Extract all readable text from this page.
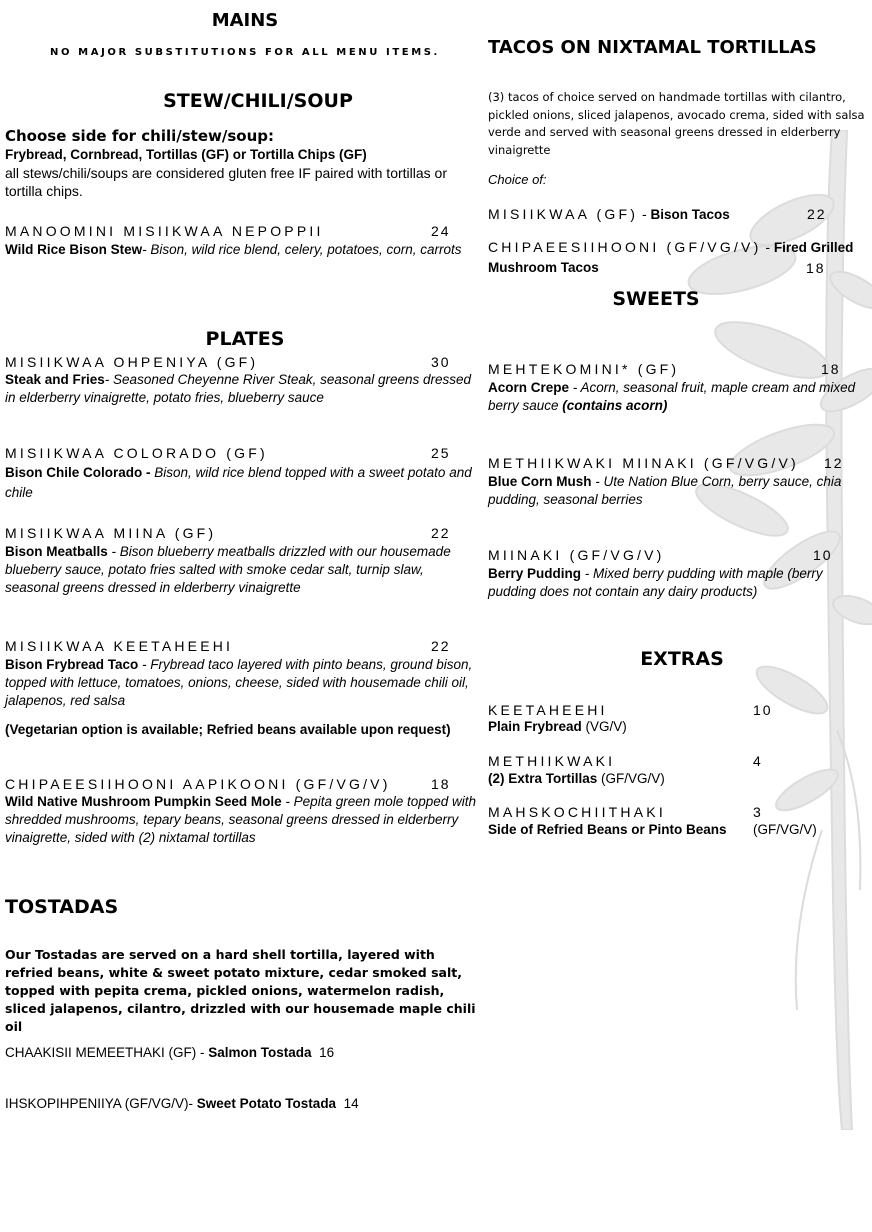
MAINS
NO MAJOR SUBSTITUTIONS FOR ALL MENU ITEMS.
STEW/CHILI/SOUP
Choose side for chili/stew/soup:
Frybread, Cornbread, Tortillas (GF) or Tortilla Chips (GF)
all stews/chili/soups are considered gluten free IF paired with tortillas or tortilla chips.
MANOOMINI MISIIKWAA NEPOPPII	24
Wild Rice Bison Stew- Bison, wild rice blend, celery, potatoes, corn, carrots
PLATES
MISIIKWAA OHPENIYA (GF)	30
Steak and Fries- Seasoned Cheyenne River Steak, seasonal greens dressed in elderberry vinaigrette, potato fries, blueberry sauce
MISIIKWAA COLORADO (GF)	25
Bison Chile Colorado - Bison, wild rice blend topped with a sweet potato and chile
MISIIKWAA MIINA (GF)	22
Bison Meatballs - Bison blueberry meatballs drizzled with our housemade blueberry sauce, potato fries salted with smoke cedar salt, turnip slaw, seasonal greens dressed in elderberry vinaigrette
MISIIKWAA KEETAHEEHI	22
Bison Frybread Taco - Frybread taco layered with pinto beans, ground bison, topped with lettuce, tomatoes, onions, cheese, sided with housemade chili oil, jalapenos, red salsa
(Vegetarian option is available; Refried beans available upon request)
CHIPAEESIIHOONI AAPIKOONI (GF/VG/V)	18
Wild Native Mushroom Pumpkin Seed Mole - Pepita green mole topped with shredded mushrooms, tepary beans, seasonal greens dressed in elderberry vinaigrette, sided with (2) nixtamal tortillas
TOSTADAS
Our Tostadas are served on a hard shell tortilla, layered with refried beans, white & sweet potato mixture, cedar smoked salt, topped with pepita crema, pickled onions, watermelon radish, sliced jalapenos, cilantro, drizzled with our housemade maple chili oil
CHAAKISII MEMEETHAKI (GF) - Salmon Tostada 16
IHSKOPIHPENIIYA (GF/VG/V)- Sweet Potato Tostada 14
TACOS ON NIXTAMAL TORTILLAS
(3) tacos of choice served on handmade tortillas with cilantro, pickled onions, sliced jalapenos, avocado crema, sided with salsa verde and served with seasonal greens dressed in elderberry vinaigrette
Choice of:
MISIIKWAA (GF) - Bison Tacos	22
CHIPAEESIIHOONI (GF/VG/V) - Fired Grilled
Mushroom Tacos	18
SWEETS
MEHTEKOMINI* (GF)	18
Acorn Crepe - Acorn, seasonal fruit, maple cream and mixed berry sauce (contains acorn)
METHIIKWAKI MIINAKI (GF/VG/V) 12
Blue Corn Mush - Ute Nation Blue Corn, berry sauce, chia pudding, seasonal berries
MIINAKI (GF/VG/V)	10
Berry Pudding - Mixed berry pudding with maple (berry pudding does not contain any dairy products)
EXTRAS
KEETAHEEHI	10
Plain Frybread (VG/V)
METHIIKWAKI	4
(2) Extra Tortillas (GF/VG/V)
MAHSKOCHIITHAKI	3
Side of Refried Beans or Pinto Beans (GF/VG/V)
